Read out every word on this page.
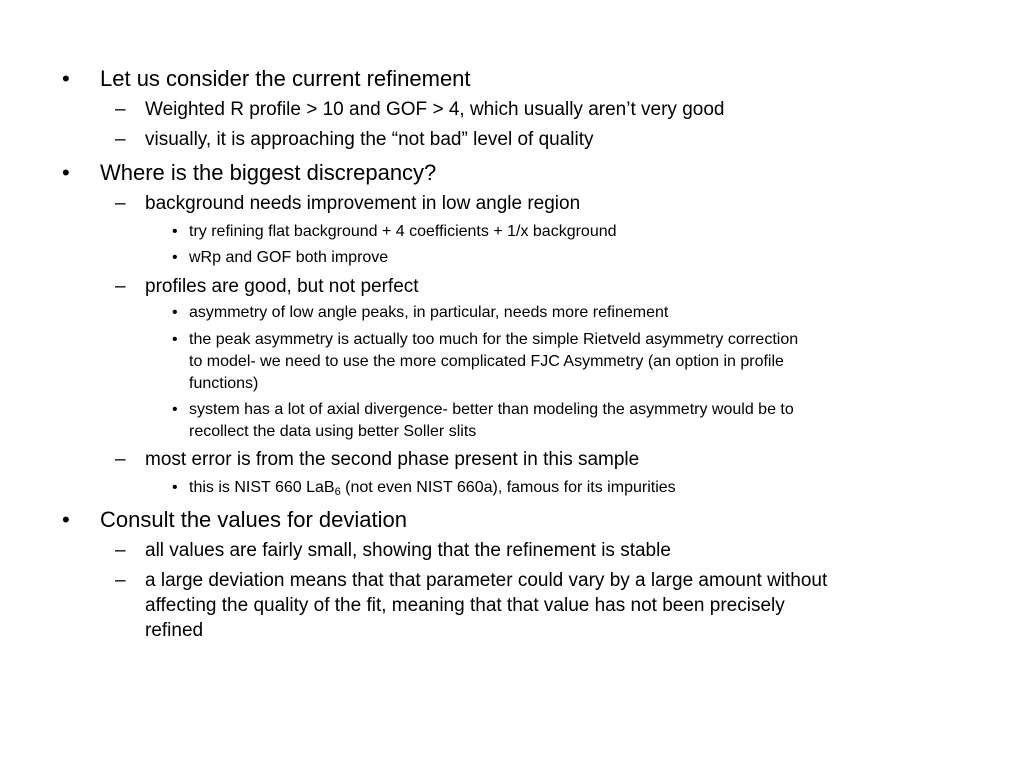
• Let us consider the current refinement
– Weighted R profile > 10 and GOF > 4, which usually aren’t very good
– visually, it is approaching the “not bad” level of quality
• Where is the biggest discrepancy?
– background needs improvement in low angle region
• try refining flat background + 4 coefficients + 1/x background
• wRp and GOF both improve
– profiles are good, but not perfect
• asymmetry of low angle peaks, in particular, needs more refinement
• the peak asymmetry is actually too much for the simple Rietveld asymmetry correction
to model- we need to use the more complicated FJC Asymmetry (an option in profile
functions)
• system has a lot of axial divergence- better than modeling the asymmetry would be to
recollect the data using better Soller slits
– most error is from the second phase present in this sample
• this is NIST 660 LaB$_6$ (not even NIST 660a), famous for its impurities
• Consult the values for deviation
– all values are fairly small, showing that the refinement is stable
– a large deviation means that that parameter could vary by a large amount without
affecting the quality of the fit, meaning that that value has not been precisely
refined
